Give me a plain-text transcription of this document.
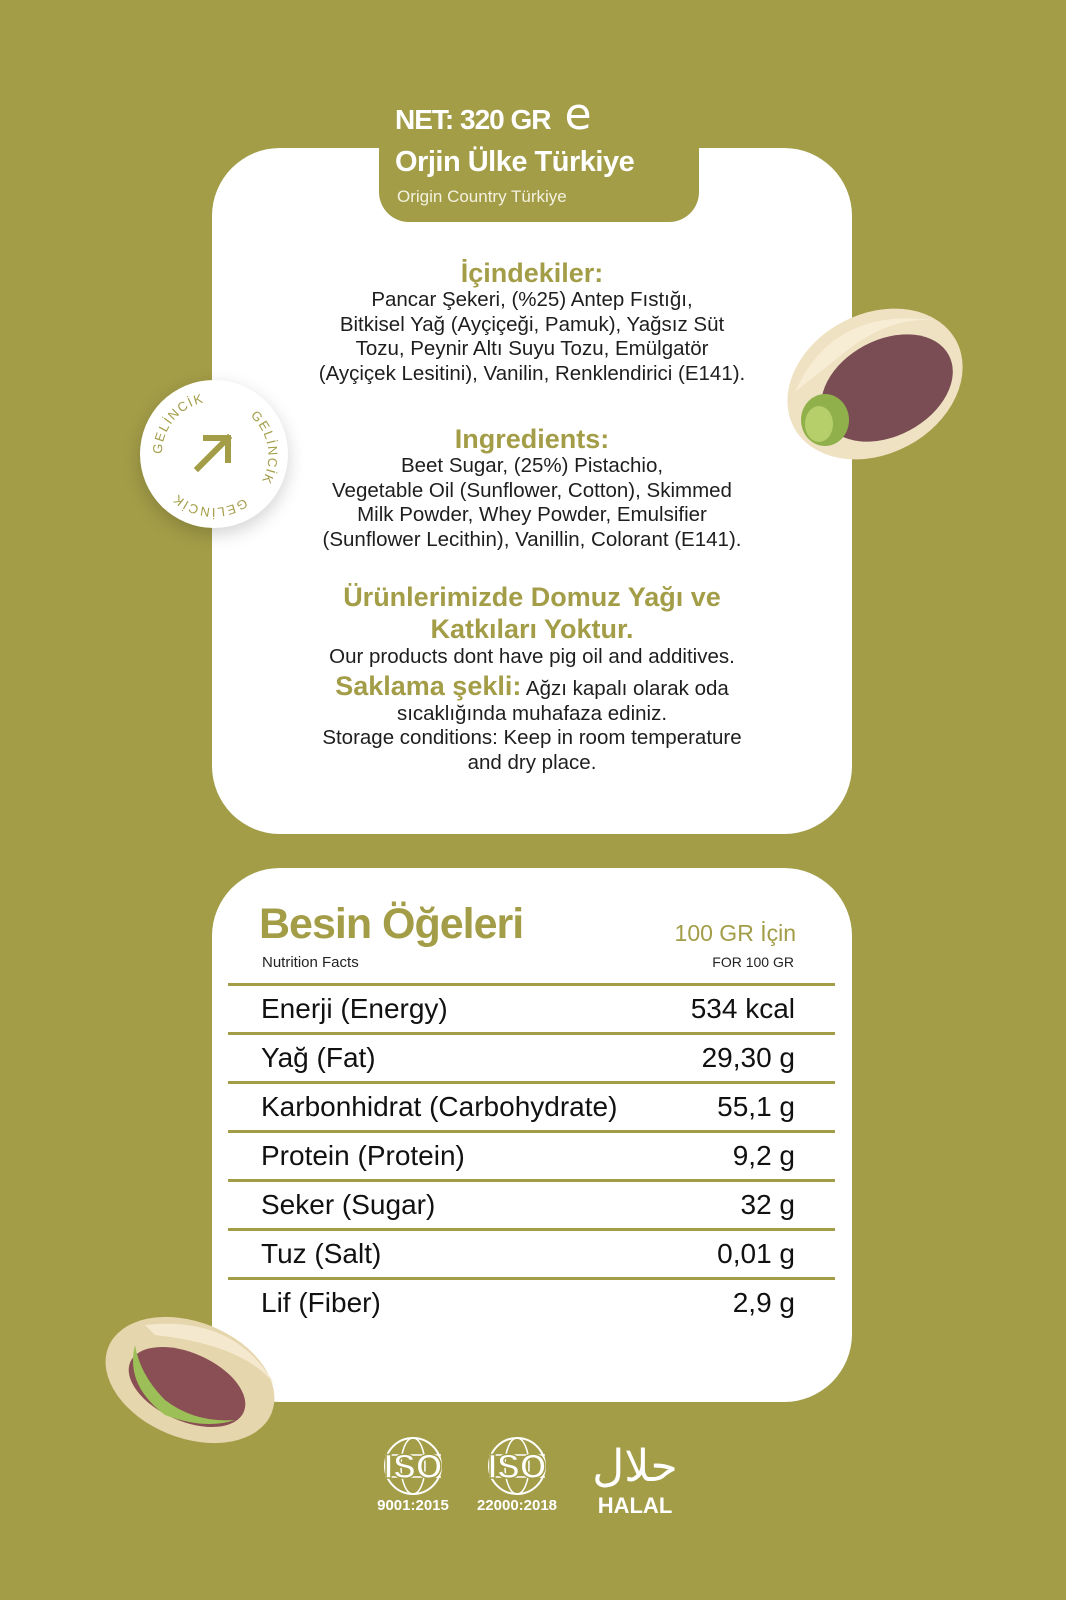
NET: 320 GR e
Orjin Ülke Türkiye
Origin Country Türkiye
İçindekiler:
Pancar Şekeri, (%25) Antep Fıstığı,
Bitkisel Yağ (Ayçiçeği, Pamuk), Yağsız Süt
Tozu, Peynir Altı Suyu Tozu, Emülgatör
(Ayçiçek Lesitini), Vanilin, Renklendirici (E141).
Ingredients:
Beet Sugar, (25%) Pistachio,
Vegetable Oil (Sunflower, Cotton), Skimmed
Milk Powder, Whey Powder, Emulsifier
(Sunflower Lecithin), Vanillin, Colorant (E141).
Ürünlerimizde Domuz Yağı ve
Katkıları Yoktur.
Our products dont have pig oil and additives.
Saklama şekli: Ağzı kapalı olarak oda
sıcaklığında muhafaza ediniz.
Storage conditions: Keep in room temperature
and dry place.
GELİNCİK
GELİNCİK
GELİNCİK
Besin Öğeleri
Nutrition Facts
100 GR İçin
FOR 100 GR
Enerji (Energy)	534 kcal
Yağ (Fat)	29,30 g
Karbonhidrat (Carbohydrate)	55,1 g
Protein (Protein)	9,2 g
Seker (Sugar)	32 g
Tuz (Salt)	0,01 g
Lif (Fiber)	2,9 g
ISO
9001:2015
ISO
22000:2018
حلال
HALAL
